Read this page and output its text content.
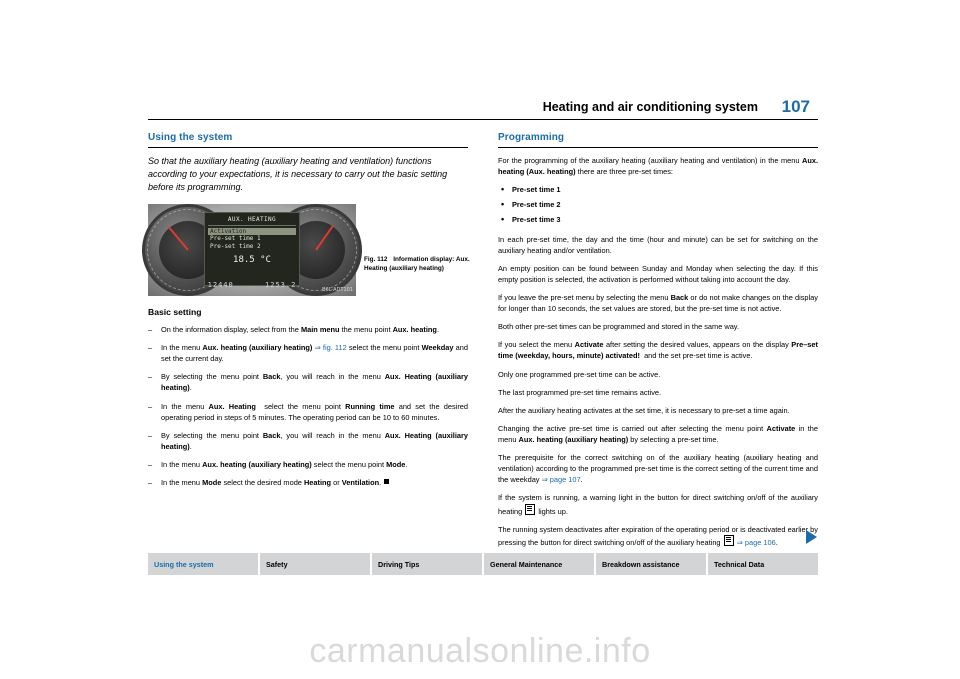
Heating and air conditioning system 107
Using the system
So that the auxiliary heating (auxiliary heating and ventilation) functions according to your expectations, it is necessary to carry out the basic setting before its programming.
AUX. HEATING
Activation
Pre-set time 1
Pre-set time 2
18.5 °C
12440	1253.2
B6L-ADT101
Fig. 112 Information display: Aux. Heating (auxiliary heating)
Basic setting
– On the information display, select from the Main menu the menu point Aux. heating.
– In the menu Aux. heating (auxiliary heating) ⇒ fig. 112 select the menu point Weekday and set the current day.
– By selecting the menu point Back, you will reach in the menu Aux. Heating (auxiliary heating).
– In the menu Aux. Heating  select the menu point Running time and set the desired operating period in steps of 5 minutes. The operating period can be 10 to 60 minutes.
– By selecting the menu point Back, you will reach in the menu Aux. Heating (auxiliary heating).
– In the menu Aux. heating (auxiliary heating) select the menu point Mode.
– In the menu Mode select the desired mode Heating or Ventilation.
Programming

For the programming of the auxiliary heating (auxiliary heating and ventilation) in the menu Aux. heating (Aux. heating) there are three pre-set times:

• Pre-set time 1
• Pre-set time 2
• Pre-set time 3

In each pre-set time, the day and the time (hour and minute) can be set for switching on the auxiliary heating and/or ventilation.

An empty position can be found between Sunday and Monday when selecting the day. If this empty position is selected, the activation is performed without taking into account the day.

If you leave the pre-set menu by selecting the menu Back or do not make changes on the display for longer than 10 seconds, the set values are stored, but the pre-set time is not active.

Both other pre-set times can be programmed and stored in the same way.

If you select the menu Activate after setting the desired values, appears on the display Pre–set time (weekday, hours, minute) activated!  and the set pre-set time is active.

Only one programmed pre-set time can be active.

The last programmed pre-set time remains active.

After the auxiliary heating activates at the set time, it is necessary to pre-set a time again.

Changing the active pre-set time is carried out after selecting the menu point Activate in the menu Aux. heating (auxiliary heating) by selecting a pre-set time.

The prerequisite for the correct switching on of the auxiliary heating (auxiliary heating and ventilation) according to the programmed pre-set time is the correct setting of the current time and the weekday ⇒ page 107.

If the system is running, a warning light in the button for direct switching on/off of the auxiliary heating  lights up.

The running system deactivates after expiration of the operating period or is deactivated earlier by pressing the button for direct switching on/off of the auxiliary heating  ⇒ page 106.

Using the system	Safety	Driving Tips	General Maintenance	Breakdown assistance	Technical Data
carmanualsonline.info
